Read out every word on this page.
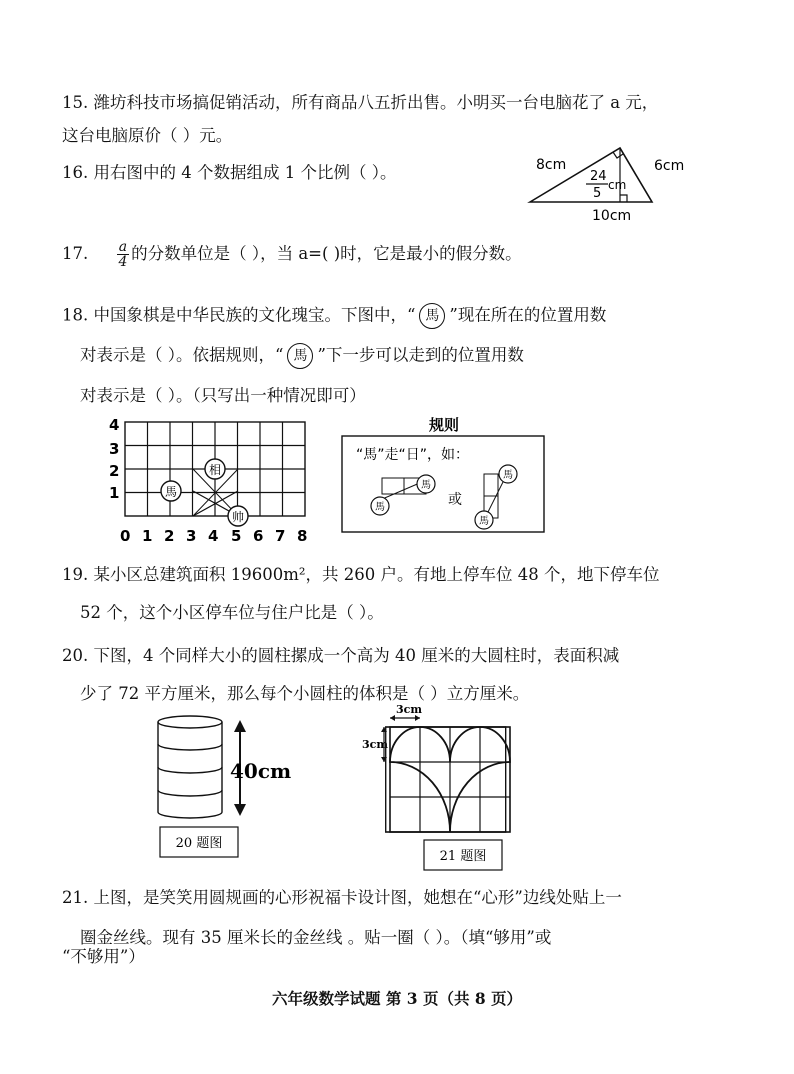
15. 潍坊科技市场搞促销活动，所有商品八五折出售。小明买一台电脑花了 a 元，
这台电脑原价（ ）元。
16. 用右图中的 4 个数据组成 1 个比例（ ）。	8cm	6cm
10cm
24
5
cm
17. $\frac{a}{4}$ 的分数单位是（ ），当 a=( )时，它是最小的假分数。
18. 中国象棋是中华民族的文化瑰宝。下图中，“ 馬 ”现在所在的位置用数
对表示是（ ）。依据规则，“ 馬 ”下一步可以走到的位置用数
对表示是（ ）。（只写出一种情况即可）
4
3
2
1
0 1 2 3 4 5 6 7 8
馬
相
帅
规则
“馬”走“日”，如：
馬
馬
或
馬
馬
19. 某小区总建筑面积 19600m²，共 260 户。有地上停车位 48 个，地下停车位
52 个，这个小区停车位与住户比是（ ）。
20. 下图，4 个同样大小的圆柱摞成一个高为 40 厘米的大圆柱时，表面积减
少了 72 平方厘米，那么每个小圆柱的体积是（ ）立方厘米。
40cm
20 题图
3cm
3cm
21 题图
21. 上图，是笑笑用圆规画的心形祝福卡设计图，她想在“心形”边线处贴上一
圈金丝线。现有 35 厘米长的金丝线 。贴一圈（ ）。（填“够用”或
“不够用”）
六年级数学试题 第 3 页（共 8 页）
